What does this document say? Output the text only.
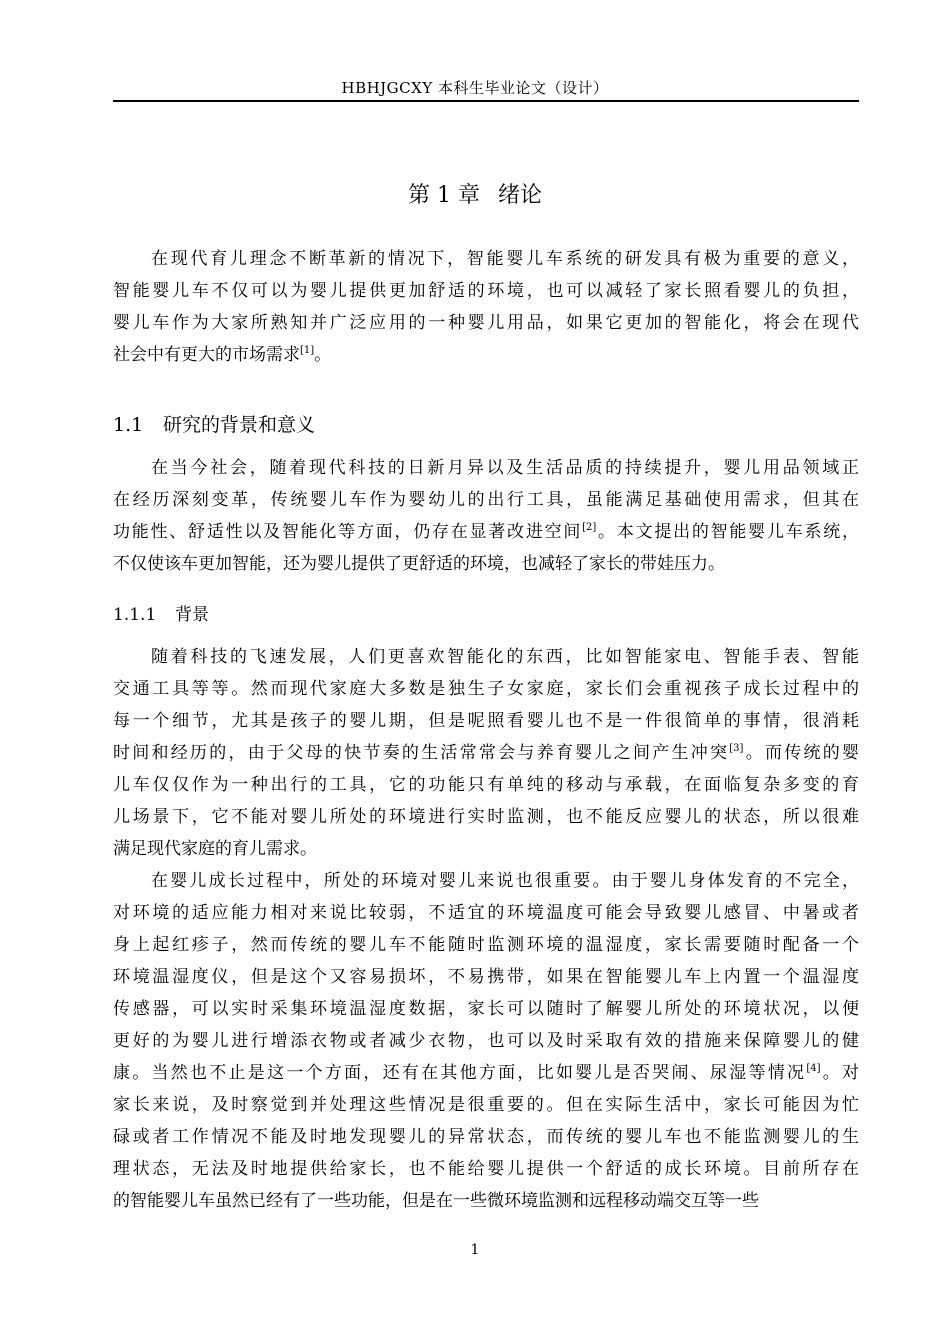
HBHJGCXY 本科生毕业论文（设计）
第 1 章 绪论
在现代育儿理念不断革新的情况下，智能婴儿车系统的研发具有极为重要的意义，
智能婴儿车不仅可以为婴儿提供更加舒适的环境，也可以减轻了家长照看婴儿的负担，
婴儿车作为大家所熟知并广泛应用的一种婴儿用品，如果它更加的智能化，将会在现代
社会中有更大的市场需求[1]。
1.1 研究的背景和意义
在当今社会，随着现代科技的日新月异以及生活品质的持续提升，婴儿用品领域正
在经历深刻变革，传统婴儿车作为婴幼儿的出行工具，虽能满足基础使用需求，但其在
功能性、舒适性以及智能化等方面，仍存在显著改进空间[2]。本文提出的智能婴儿车系统，
不仅使该车更加智能，还为婴儿提供了更舒适的环境，也减轻了家长的带娃压力。
1.1.1 背景
随着科技的飞速发展，人们更喜欢智能化的东西，比如智能家电、智能手表、智能
交通工具等等。然而现代家庭大多数是独生子女家庭，家长们会重视孩子成长过程中的
每一个细节，尤其是孩子的婴儿期，但是呢照看婴儿也不是一件很简单的事情，很消耗
时间和经历的，由于父母的快节奏的生活常常会与养育婴儿之间产生冲突[3]。而传统的婴
儿车仅仅作为一种出行的工具，它的功能只有单纯的移动与承载，在面临复杂多变的育
儿场景下，它不能对婴儿所处的环境进行实时监测，也不能反应婴儿的状态，所以很难
满足现代家庭的育儿需求。
在婴儿成长过程中，所处的环境对婴儿来说也很重要。由于婴儿身体发育的不完全，
对环境的适应能力相对来说比较弱，不适宜的环境温度可能会导致婴儿感冒、中暑或者
身上起红疹子，然而传统的婴儿车不能随时监测环境的温湿度，家长需要随时配备一个
环境温湿度仪，但是这个又容易损坏，不易携带，如果在智能婴儿车上内置一个温湿度
传感器，可以实时采集环境温湿度数据，家长可以随时了解婴儿所处的环境状况，以便
更好的为婴儿进行增添衣物或者减少衣物，也可以及时采取有效的措施来保障婴儿的健
康。当然也不止是这一个方面，还有在其他方面，比如婴儿是否哭闹、尿湿等情况[4]。对
家长来说，及时察觉到并处理这些情况是很重要的。但在实际生活中，家长可能因为忙
碌或者工作情况不能及时地发现婴儿的异常状态，而传统的婴儿车也不能监测婴儿的生
理状态，无法及时地提供给家长，也不能给婴儿提供一个舒适的成长环境。目前所存在
的智能婴儿车虽然已经有了一些功能，但是在一些微环境监测和远程移动端交互等一些
1
